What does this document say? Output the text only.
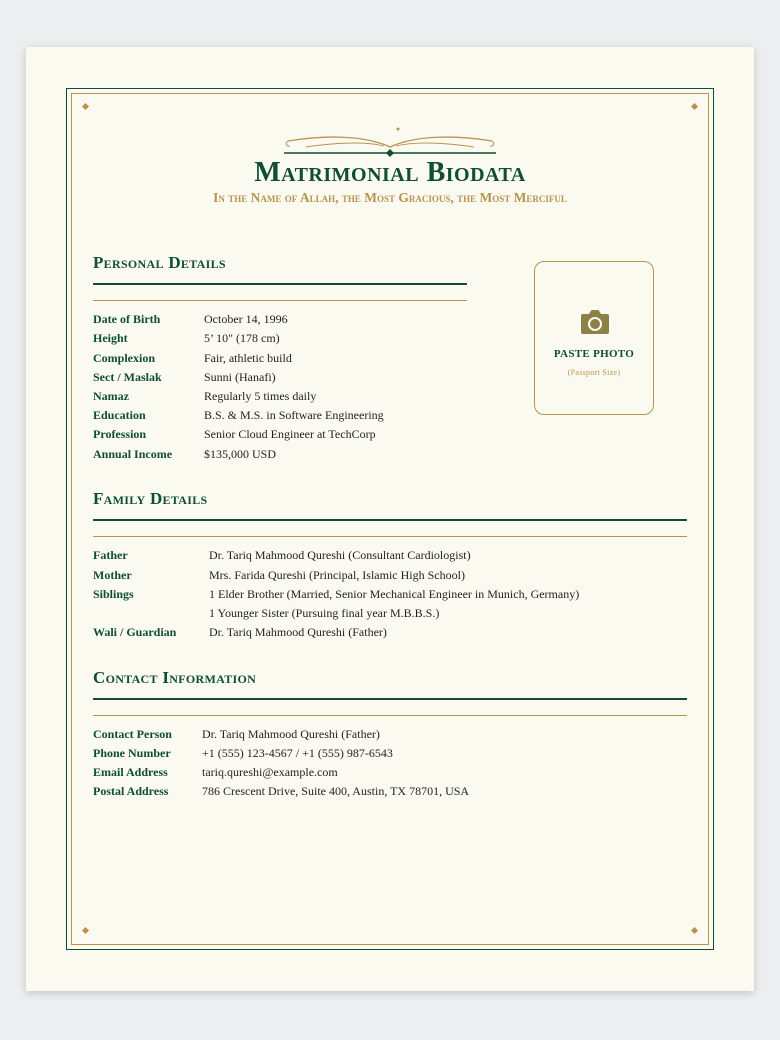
Matrimonial Biodata
In the Name of Allah, the Most Gracious, the Most Merciful
Personal Details
Date of Birth	October 14, 1996
Height	5’ 10" (178 cm)
Complexion	Fair, athletic build
Sect / Maslak	Sunni (Hanafi)
Namaz	Regularly 5 times daily
Education	B.S. & M.S. in Software Engineering
Profession	Senior Cloud Engineer at TechCorp
Annual Income	$135,000 USD
PASTE PHOTO
(Passport Size)
Family Details
Father	Dr. Tariq Mahmood Qureshi (Consultant Cardiologist)
Mother	Mrs. Farida Qureshi (Principal, Islamic High School)
Siblings	1 Elder Brother (Married, Senior Mechanical Engineer in Munich, Germany)
1 Younger Sister (Pursuing final year M.B.B.S.)
Wali / Guardian	Dr. Tariq Mahmood Qureshi (Father)
Contact Information
Contact Person	Dr. Tariq Mahmood Qureshi (Father)
Phone Number	+1 (555) 123-4567 / +1 (555) 987-6543
Email Address	tariq.qureshi@example.com
Postal Address	786 Crescent Drive, Suite 400, Austin, TX 78701, USA
